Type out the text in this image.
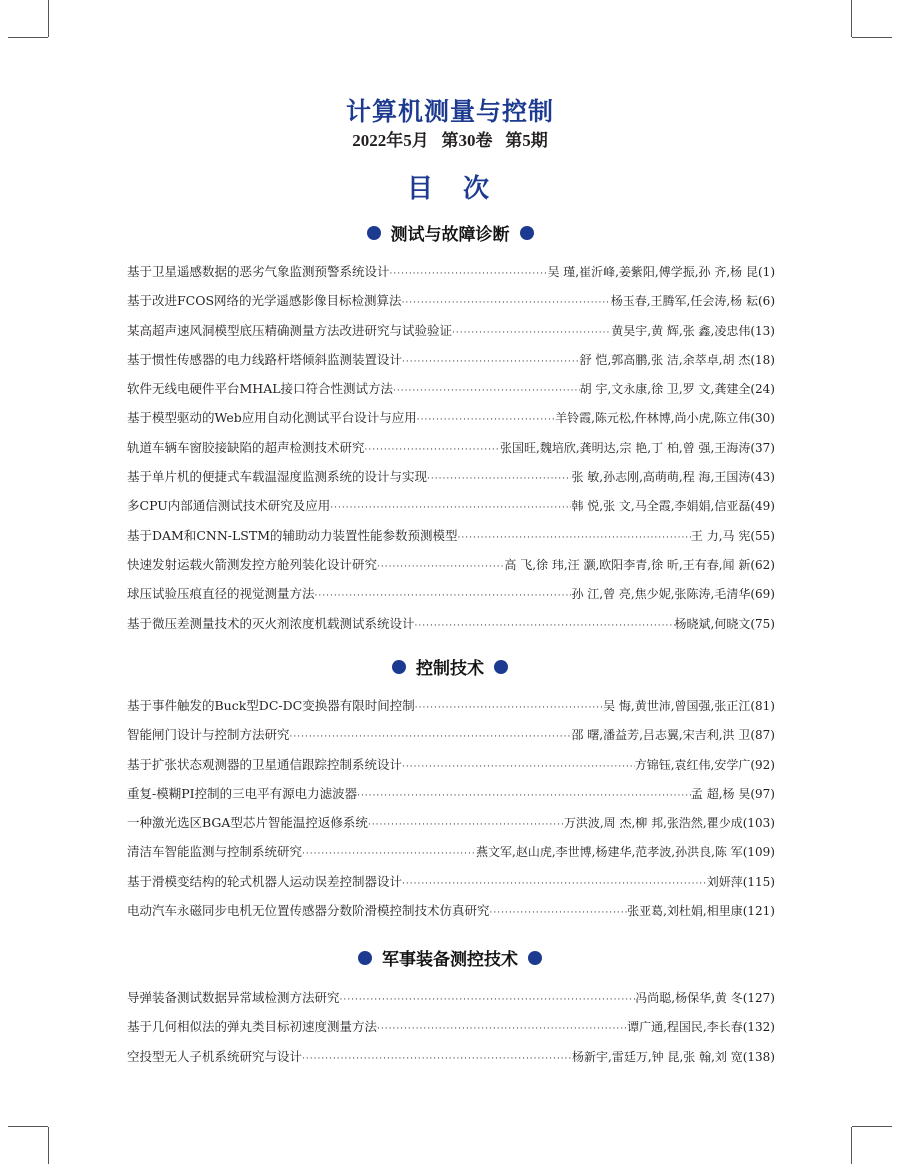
计算机测量与控制
2022年5月   第30卷   第5期
目  次
测试与故障诊断
基于卫星遥感数据的恶劣气象监测预警系统设计 ·····	吴 瑾,崔沂峰,姜紫阳,傅学振,孙 齐,杨 昆 (1)
基于改进FCOS网络的光学遥感影像目标检测算法 ·····	杨玉春,王腾军,任会涛,杨 耘 (6)
某高超声速风洞模型底压精确测量方法改进研究与试验验证 ·····	黄昊宇,黄 辉,张 鑫,凌忠伟 (13)
基于惯性传感器的电力线路杆塔倾斜监测装置设计 ·····	舒 恺,郭高鹏,张 洁,余萃卓,胡 杰 (18)
软件无线电硬件平台MHAL接口符合性测试方法 ·····	胡 宇,文永康,徐 卫,罗 文,龚建全 (24)
基于模型驱动的Web应用自动化测试平台设计与应用 ·····	羊铃霞,陈元松,仵林博,尚小虎,陈立伟 (30)
轨道车辆车窗胶接缺陷的超声检测技术研究 ·····	张国旺,魏培欣,龚明达,宗 艳,丁 柏,曾 强,王海涛 (37)
基于单片机的便捷式车载温湿度监测系统的设计与实现 ·····	张 敏,孙志刚,高萌萌,程 海,王国涛 (43)
多CPU内部通信测试技术研究及应用 ·····	韩 悦,张 文,马全霞,李娟娟,信亚磊 (49)
基于DAM和CNN-LSTM的辅助动力装置性能参数预测模型 ·····	王 力,马 宪 (55)
快速发射运载火箭测发控方舱列装化设计研究 ·····	高 飞,徐 玮,汪 灏,欧阳李青,徐 昕,王有春,闻 新 (62)
球压试验压痕直径的视觉测量方法 ·····	孙 江,曾 亮,焦少妮,张陈涛,毛清华 (69)
基于微压差测量技术的灭火剂浓度机载测试系统设计 ·····	杨晓斌,何晓文 (75)
控制技术
基于事件触发的Buck型DC-DC变换器有限时间控制 ·····	吴 悔,黄世沛,曾国强,张正江 (81)
智能闸门设计与控制方法研究 ·····	邵 曙,潘益芳,吕志翼,宋吉利,洪 卫 (87)
基于扩张状态观测器的卫星通信跟踪控制系统设计 ·····	方锦钰,袁红伟,安学广 (92)
重复-模糊PI控制的三电平有源电力滤波器 ·····	孟 超,杨 昊 (97)
一种激光选区BGA型芯片智能温控返修系统 ·····	万洪波,周 杰,柳 邦,张浩然,瞿少成 (103)
清洁车智能监测与控制系统研究 ·····	燕文军,赵山虎,李世博,杨建华,范孝波,孙洪良,陈 军 (109)
基于滑模变结构的轮式机器人运动误差控制器设计 ·····	刘妍萍 (115)
电动汽车永磁同步电机无位置传感器分数阶滑模控制技术仿真研究 ·····	张亚葛,刘杜娟,相里康 (121)
军事装备测控技术
导弹装备测试数据异常域检测方法研究 ·····	冯尚聪,杨保华,黄 冬 (127)
基于几何相似法的弹丸类目标初速度测量方法 ·····	谭广通,程国民,李长春 (132)
空投型无人子机系统研究与设计 ·····	杨新宇,雷廷万,钟 昆,张 翰,刘 宽 (138)
